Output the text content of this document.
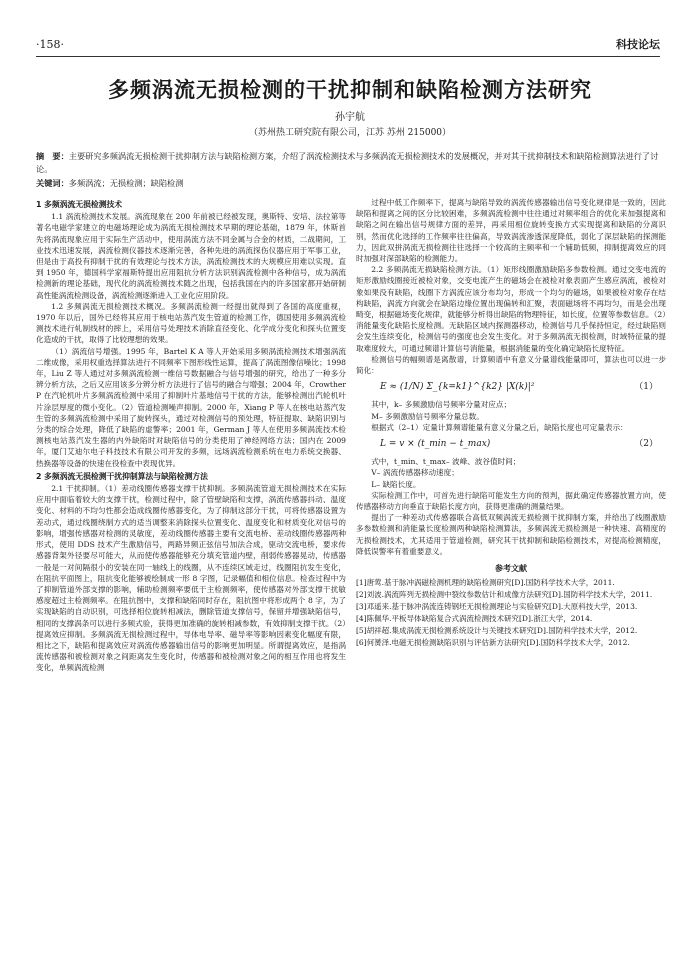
·158·	科技论坛
多频涡流无损检测的干扰抑制和缺陷检测方法研究
孙宇航
（苏州热工研究院有限公司，江苏 苏州 215000）
摘　要：主要研究多频涡流无损检测干扰抑制方法与缺陷检测方案，介绍了涡流检测技术与多频涡流无损检测技术的发展概况，并对其干扰抑制技术和缺陷检测算法进行了讨论。
关键词：多频涡流；无损检测；缺陷检测
1 多频涡流无损检测技术

1.1 涡流检测技术发展。涡流现象在 200 年前被已经被发现，奥斯特、安培、法拉第等著名电磁学家建立的电磁场理论成为涡流无损检测技术早期的理论基础，1879 年，休斯首先将涡流现象应用于实际生产活动中，使用涡流方法不同金属与合金的材质，二战期间，工业技术迅速发展，涡流检测仪器技术逐渐完善，各种先进的涡流探伤仪器应用于军事工业，但是由于高投有抑制干扰的有效理论与技术方法，涡流检测技术的大规模应用难以实现。直到 1950 年，德国科学家福斯特提出应用阻抗分析方法识别涡流检测中各种信号，成为涡流检测新的理论基础，现代化的涡流检测技术随之出现，包括我国在内的许多国家都开始研制高性能涡流检测设备，涡流检测逐渐进入工业化应用阶段。

1.2 多频涡流无损检测技术概况。多频涡流检测一经提出就得到了各国的高度重视，1970 年以后，国外已经将其应用于核电站蒸汽发生管道的检测工作，德国使用多频涡流检测技术进行轧制线材的摔上，采用信号处理技术消除直径变化、化学成分变化和探头位置变化造成的干扰，取得了比较理想的效果。

（1）涡流信号增强。1995 年，Bartel K A 等人开始采用多频涡流检测技术增强涡流二维成像，采用权重选择算法进行不同频率下图形线性运算，提高了涡流图像信噪比；1998 年，Liu Z 等人通过对多频涡流检测一维信号数据融合与信号增强的研究，给出了一种多分辨分析方法，之后又应用该多分辨分析方法进行了信号的融合与增强；2004 年，Crowther P 在汽轮机叶片多频涡流检测中采用了抑制叶片基地信号干扰的方法，能够检测出汽轮机叶片涂层厚度的微小变化。（2）管道检测噪声抑制。2000 年，Xiang P 等人在核电站蒸汽发生管的多频涡流检测中采用了旋转探头，通过对检测信号的预处理，特征提取、缺陷识别与分类的综合处理，降低了缺陷的虚警率；2001 年，German J 等人在使用多频涡流技术检测核电站蒸汽发生器的内外缺陷时对缺陷信号的分类使用了神经网络方法；国内在 2009 年，厦门艾迪尔电子科技技术有限公司开发的多频，远场涡流检测系统在电力系统交换器、热换器等设备的快速在役检查中表现优异。

2 多频涡流无损检测干扰抑制算法与缺陷检测方法

2.1 干扰抑制。（1）差动线圈传感器支撑干扰抑制。多频涡流管道无损检测技术在实际应用中面临着较大的支撑干扰，检测过程中，除了管壁缺陷和支撑，涡流传感器抖动、温度变化、材料的不均匀性都会造成线圈传感器变化，为了抑制这部分干扰，可将传感器设置为差动式，通过线圈绕制方式的适当调整来消除探头位置变化、温度变化和材质变化对信号的影响，增强传感器对检测的灵敏度，差动线圈传感器主要有交流电桥、差动线圈传感器两种形式，使用 DDS 技术产生激励信号，两路异频正弦信号加法合成，驱动交流电桥，要求传感器背架外径要尽可能大，从而使传感器能够充分填充管道内壁，削弱传感器晃动，传感器一般是一对间隔很小的安装在同一轴线上的线圈，从不连续区域走过，线圈阻抗发生变化，在阻抗平面图上，阻抗变化能够被绘制成一形 8 字图，记录幅值和相位信息。检查过程中为了抑制管道外部支撑的影响，辅助检测频率要低于主检测频率，使传感器对外部支撑干扰敏感度超过主检测频率。在阻抗图中，支撑和缺陷同时存在，阻抗图中将形成两个 8 字，为了实现缺陷的自动识别，可选择相位旋转相减法，删除管道支撑信号，保留并增强缺陷信号，相同的支撑涡条可以进行多频式验，获得更加准确的旋转相减参数，有效抑制支撑干扰。（2）提离效应抑制。多频涡流无损检测过程中，导体电导率、磁导率等影响因素变化幅度有限，相比之下，缺陷和提离效应对涡流传感器输出信号的影响更加明显。所谓提离效应，是指涡流传感器和被检测对象之间距离发生变化时，传感器和被检测对象之间的相互作用也将发生变化，单频涡流检测

过程中低工作频率下，提离与缺陷导致的涡流传感器输出信号变化规律是一致的，因此缺陷和提离之间的区分比较困难，多频涡流检测中往往通过对频率组合的优化来加强提离和缺陷之间在输出信号规律方面的差异，再采用相位旋转变换方式实现提离和缺陷的分离识别，然而优化选择的工作频率往往偏高，导致涡流渗透深度降低，弱化了深层缺陷的探测能力，因此双拼涡流无损检测往往选择一个较高的主频率和一个辅助低频，抑制提离效应的同时加强对深部缺陷的检测能力。

2.2 多频涡流无损缺陷检测方法。（1）矩形线圈激励缺陷多参数检测。通过交变电流的矩形激励线圈接近被检对象，交变电流产生的磁场会在被检对象表面产生感应涡流，被检对象如果没有缺陷，线圈下方涡流应该分布均匀，形成一个均匀的磁场，如果被检对象存在结构缺陷，涡流方向就会在缺陷边缘位置出现偏转和汇聚，表面磁场将不再均匀，而是会出现畸变，根据磁场变化规律，就能够分析得出缺陷的物理特征，如长度，位置等参数信息。（2）消能量变化缺陷长度检测。无缺陷区域内探测器移动，检测信号几乎保持恒定，经过缺陷则会发生连续变化，检测信号的强度也会发生变化。对于多频涡流无损检测，时域特征量的提取难度较大，可通过频谱计算信号消能量，根据消能量的变化确定缺陷长度特征。

检测信号的幅频谱是离散谱，计算频谱中有意义分量谱线能量即可，算法也可以进一步简化：

E ≈ (1/N) Σ_{k=k1}^{k2} |X(k)|²	（1）

其中，k– 多频激励信号频率分量对应点；

M– 多频激励信号频率分量总数。

根据式（2–1）定量计算频谱能量有意义分量之后，缺陷长度也可定量表示：

L = v × (t_min − t_max)	（2）

式中，t_min、t_max– 波峰、波谷值时间；

V– 涡流传感器移动速度；

L– 缺陷长度。

实际检测工作中，可首先进行缺陷可能发生方向的预判，据此确定传感器放置方向，使传感器移动方向垂直于缺陷长度方向，获得更准确的测量结果。

提出了一种差动式传感器联合高低双频涡流无损检测干扰抑制方案，并给出了线圈激励多参数检测和消能量长度检测两种缺陷检测算法，多频涡流无损检测是一种快速、高精度的无损检测技术，尤其适用于管道检测，研究其干扰抑制和缺陷检测技术，对提高检测精度，降低误警率有着重要意义。

参考文献
[1]唐莺.基于脉冲涡磁检测机理的缺陷检测研究[D].国防科学技术大学，2011.
[2]刘波.涡流阵列无损检测中裂纹参数估计和成像方法研究[D].国防科学技术大学，2011.
[3]邓遥来.基于脉冲涡流连铸钢坯无损检测理论与实验研究[D].大原科技大学，2013.
[4]陈佩华.平板导体缺陷复合式涡流检测技术研究[D].浙江大学，2014.
[5]胡祥超.集成涡流无损检测系统设计与关键技术研究[D].国防科学技术大学，2012.
[6]何赟泽.电磁无损检测缺陷识别与评估新方法研究[D].国防科学技术大学，2012.
